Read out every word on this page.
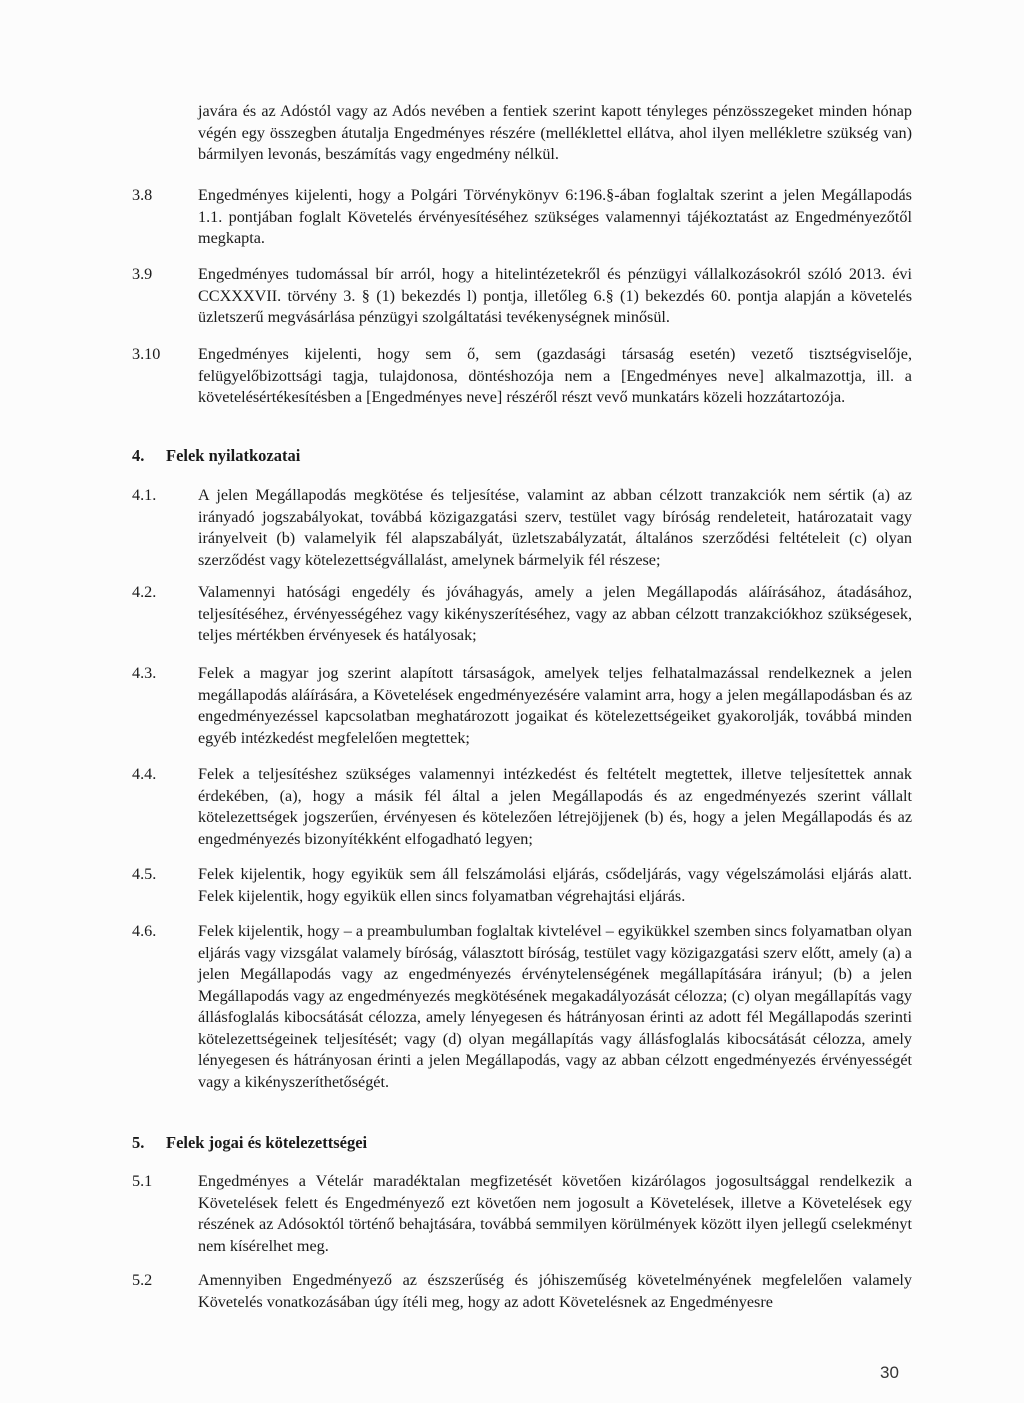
javára és az Adóstól vagy az Adós nevében a fentiek szerint kapott tényleges pénzösszegeket minden hónap végén egy összegben átutalja Engedményes részére (melléklettel ellátva, ahol ilyen mellékletre szükség van) bármilyen levonás, beszámítás vagy engedmény nélkül.
3.8	Engedményes kijelenti, hogy a Polgári Törvénykönyv 6:196.§-ában foglaltak szerint a jelen Megállapodás 1.1. pontjában foglalt Követelés érvényesítéséhez szükséges valamennyi tájékoztatást az Engedményezőtől megkapta.
3.9	Engedményes tudomással bír arról, hogy a hitelintézetekről és pénzügyi vállalkozásokról szóló 2013. évi CCXXXVII. törvény 3. § (1) bekezdés l) pontja, illetőleg 6.§ (1) bekezdés 60. pontja alapján a követelés üzletszerű megvásárlása pénzügyi szolgáltatási tevékenységnek minősül.
3.10	Engedményes kijelenti, hogy sem ő, sem (gazdasági társaság esetén) vezető tisztségviselője, felügyelőbizottsági tagja, tulajdonosa, döntéshozója nem a [Engedményes neve] alkalmazottja, ill. a követelésértékesítésben a [Engedményes neve] részéről részt vevő munkatárs közeli hozzátartozója.
4. Felek nyilatkozatai
4.1.	A jelen Megállapodás megkötése és teljesítése, valamint az abban célzott tranzakciók nem sértik (a) az irányadó jogszabályokat, továbbá közigazgatási szerv, testület vagy bíróság rendeleteit, határozatait vagy irányelveit (b) valamelyik fél alapszabályát, üzletszabályzatát, általános szerződési feltételeit (c) olyan szerződést vagy kötelezettségvállalást, amelynek bármelyik fél részese;
4.2.	Valamennyi hatósági engedély és jóváhagyás, amely a jelen Megállapodás aláírásához, átadásához, teljesítéséhez, érvényességéhez vagy kikényszerítéséhez, vagy az abban célzott tranzakciókhoz szükségesek, teljes mértékben érvényesek és hatályosak;
4.3.	Felek a magyar jog szerint alapított társaságok, amelyek teljes felhatalmazással rendelkeznek a jelen megállapodás aláírására, a Követelések engedményezésére valamint arra, hogy a jelen megállapodásban és az engedményezéssel kapcsolatban meghatározott jogaikat és kötelezettségeiket gyakorolják, továbbá minden egyéb intézkedést megfelelően megtettek;
4.4.	Felek a teljesítéshez szükséges valamennyi intézkedést és feltételt megtettek, illetve teljesítettek annak érdekében, (a), hogy a másik fél által a jelen Megállapodás és az engedményezés szerint vállalt kötelezettségek jogszerűen, érvényesen és kötelezően létrejöjjenek (b) és, hogy a jelen Megállapodás és az engedményezés bizonyítékként elfogadható legyen;
4.5.	Felek kijelentik, hogy egyikük sem áll felszámolási eljárás, csődeljárás, vagy végelszámolási eljárás alatt. Felek kijelentik, hogy egyikük ellen sincs folyamatban végrehajtási eljárás.
4.6.	Felek kijelentik, hogy – a preambulumban foglaltak kivtelével – egyikükkel szemben sincs folyamatban olyan eljárás vagy vizsgálat valamely bíróság, választott bíróság, testület vagy közigazgatási szerv előtt, amely (a) a jelen Megállapodás vagy az engedményezés érvénytelenségének megállapítására irányul; (b) a jelen Megállapodás vagy az engedményezés megkötésének megakadályozását célozza; (c) olyan megállapítás vagy állásfoglalás kibocsátását célozza, amely lényegesen és hátrányosan érinti az adott fél Megállapodás szerinti kötelezettségeinek teljesítését; vagy (d) olyan megállapítás vagy állásfoglalás kibocsátását célozza, amely lényegesen és hátrányosan érinti a jelen Megállapodás, vagy az abban célzott engedményezés érvényességét vagy a kikényszeríthetőségét.
5. Felek jogai és kötelezettségei
5.1	Engedményes a Vételár maradéktalan megfizetését követően kizárólagos jogosultsággal rendelkezik a Követelések felett és Engedményező ezt követően nem jogosult a Követelések, illetve a Követelések egy részének az Adósoktól történő behajtására, továbbá semmilyen körülmények között ilyen jellegű cselekményt nem kísérelhet meg.
5.2	Amennyiben Engedményező az észszerűség és jóhiszeműség követelményének megfelelően valamely Követelés vonatkozásában úgy ítéli meg, hogy az adott Követelésnek az Engedményesre
30
